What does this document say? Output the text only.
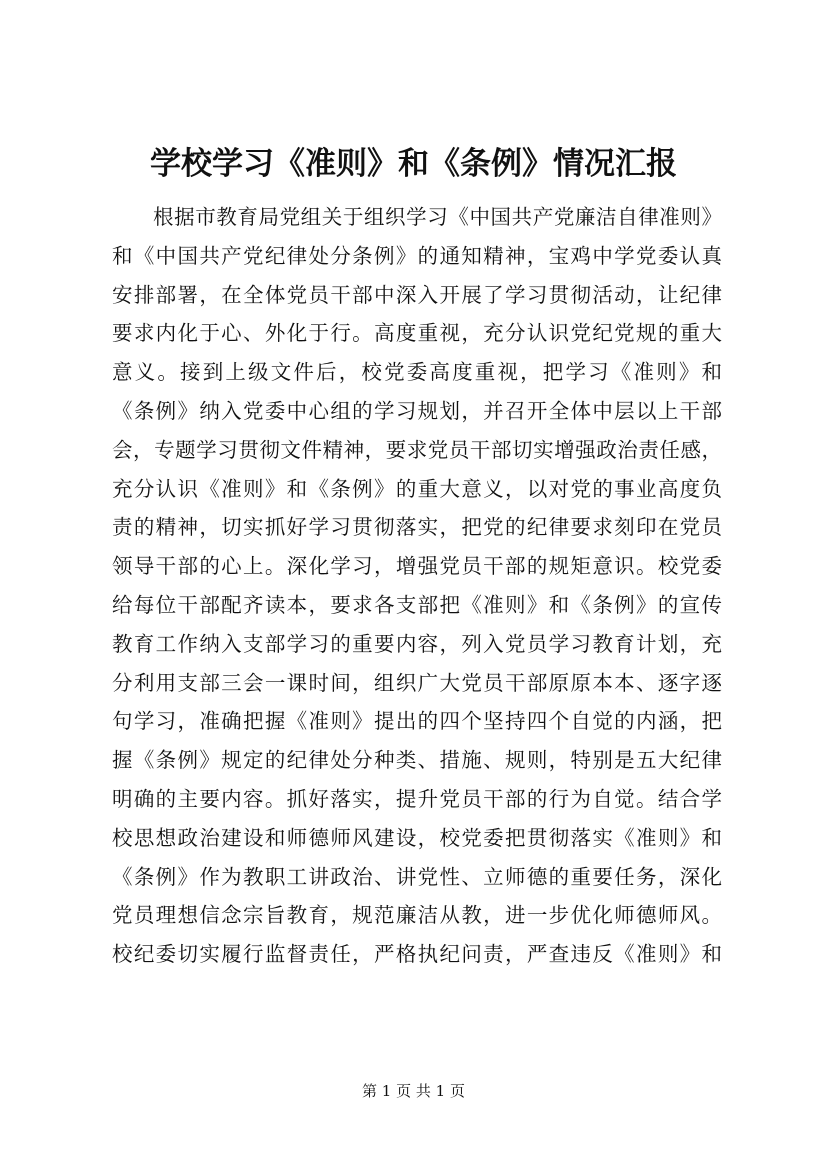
学校学习《准则》和《条例》情况汇报
根据市教育局党组关于组织学习《中国共产党廉洁自律准则》
和《中国共产党纪律处分条例》的通知精神，宝鸡中学党委认真
安排部署，在全体党员干部中深入开展了学习贯彻活动，让纪律
要求内化于心、外化于行。高度重视，充分认识党纪党规的重大
意义。接到上级文件后，校党委高度重视，把学习《准则》和
《条例》纳入党委中心组的学习规划，并召开全体中层以上干部
会，专题学习贯彻文件精神，要求党员干部切实增强政治责任感，
充分认识《准则》和《条例》的重大意义，以对党的事业高度负
责的精神，切实抓好学习贯彻落实，把党的纪律要求刻印在党员
领导干部的心上。深化学习，增强党员干部的规矩意识。校党委
给每位干部配齐读本，要求各支部把《准则》和《条例》的宣传
教育工作纳入支部学习的重要内容，列入党员学习教育计划，充
分利用支部三会一课时间，组织广大党员干部原原本本、逐字逐
句学习，准确把握《准则》提出的四个坚持四个自觉的内涵，把
握《条例》规定的纪律处分种类、措施、规则，特别是五大纪律
明确的主要内容。抓好落实，提升党员干部的行为自觉。结合学
校思想政治建设和师德师风建设，校党委把贯彻落实《准则》和
《条例》作为教职工讲政治、讲党性、立师德的重要任务，深化
党员理想信念宗旨教育，规范廉洁从教，进一步优化师德师风。
校纪委切实履行监督责任，严格执纪问责，严查违反《准则》和
第 1 页 共 1 页
